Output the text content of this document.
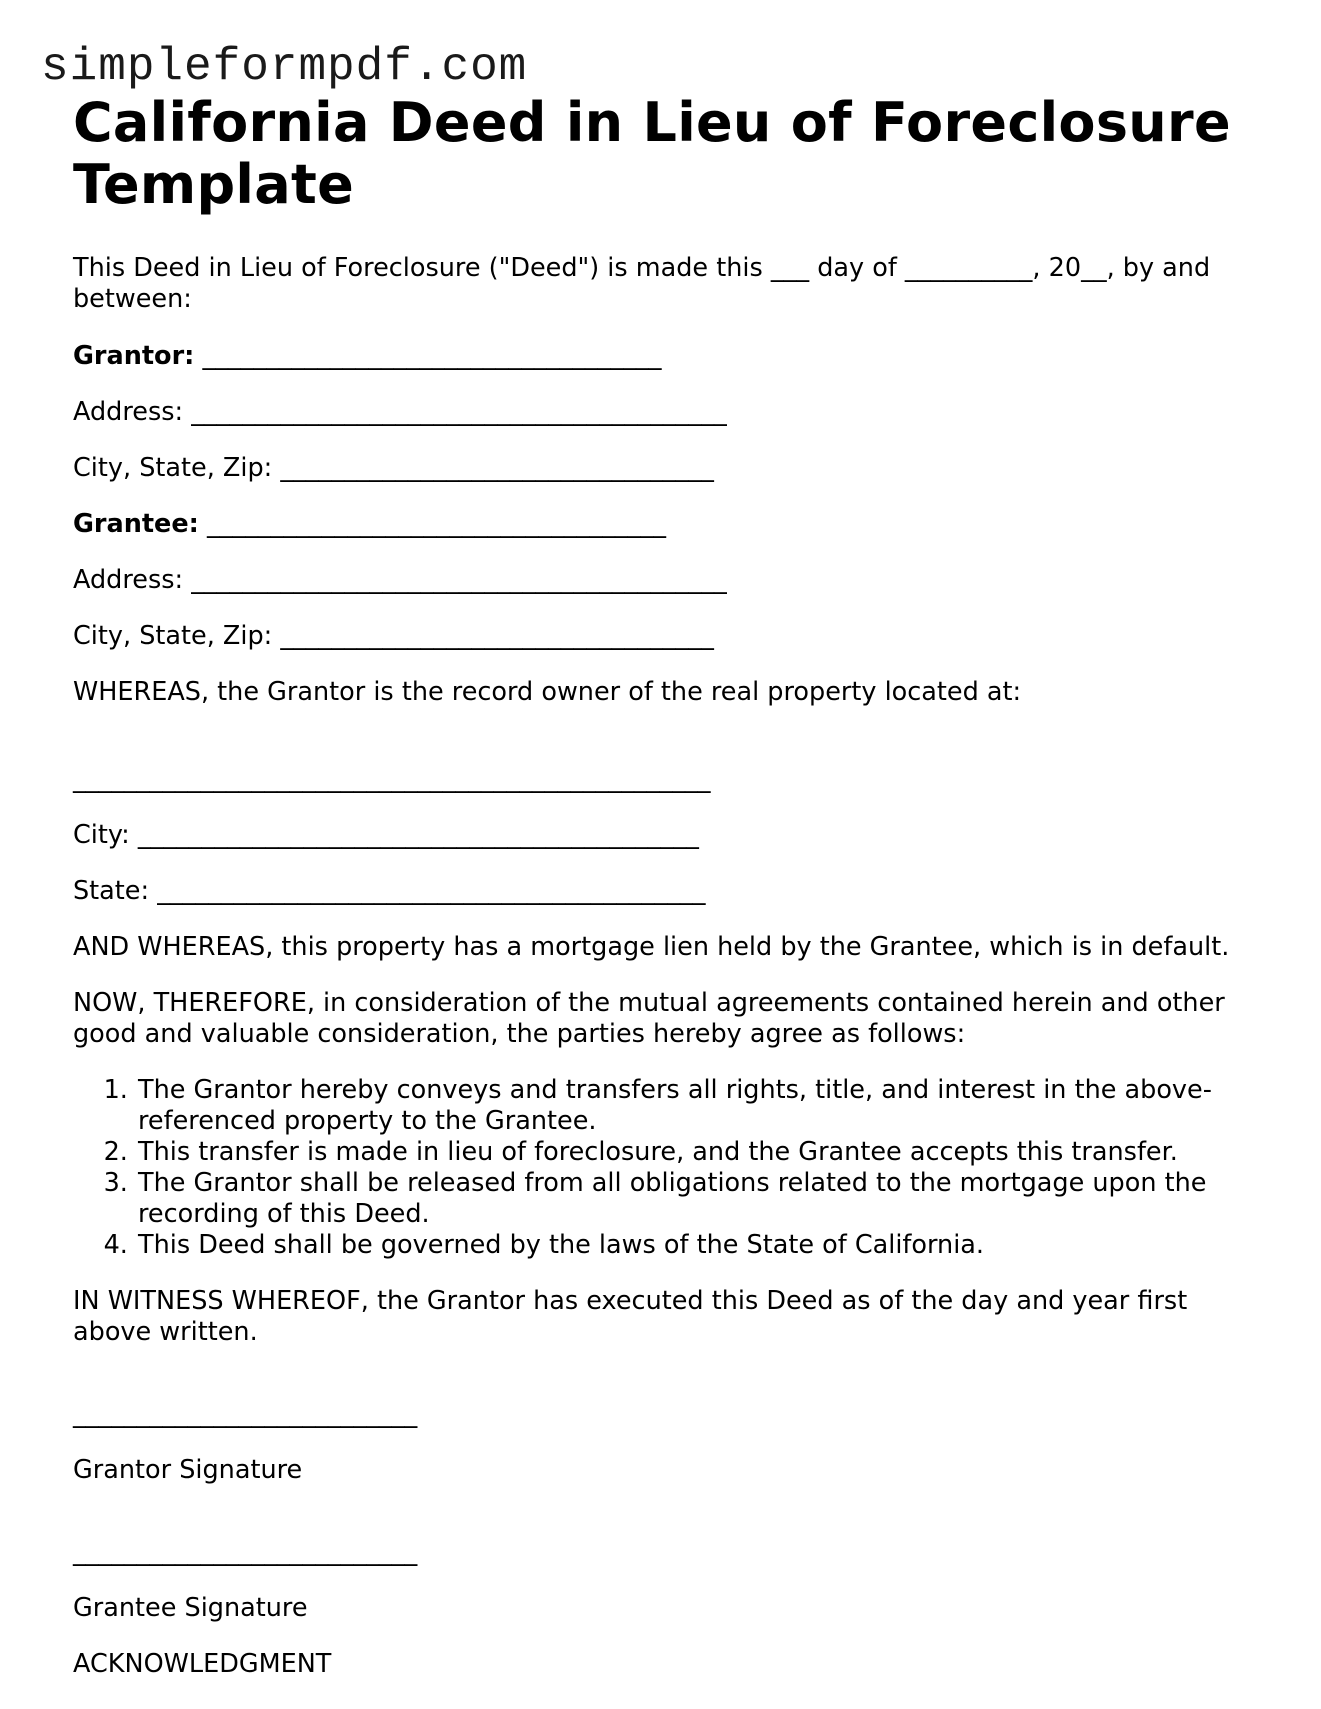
simpleformpdf.com
California Deed in Lieu of Foreclosure Template

This Deed in Lieu of Foreclosure ("Deed") is made this ___ day of __________, 20__, by and between:

Grantor: ____________________________________

Address: __________________________________________

City, State, Zip: __________________________________

Grantee: ____________________________________

Address: __________________________________________

City, State, Zip: __________________________________

WHEREAS, the Grantor is the record owner of the real property located at:

__________________________________________________

City: ____________________________________________

State: ___________________________________________

AND WHEREAS, this property has a mortgage lien held by the Grantee, which is in default.

NOW, THEREFORE, in consideration of the mutual agreements contained herein and other good and valuable consideration, the parties hereby agree as follows:

1. The Grantor hereby conveys and transfers all rights, title, and interest in the above-referenced property to the Grantee.
2. This transfer is made in lieu of foreclosure, and the Grantee accepts this transfer.
3. The Grantor shall be released from all obligations related to the mortgage upon the recording of this Deed.
4. This Deed shall be governed by the laws of the State of California.

IN WITNESS WHEREOF, the Grantor has executed this Deed as of the day and year first above written.

___________________________

Grantor Signature

___________________________

Grantee Signature

ACKNOWLEDGMENT
